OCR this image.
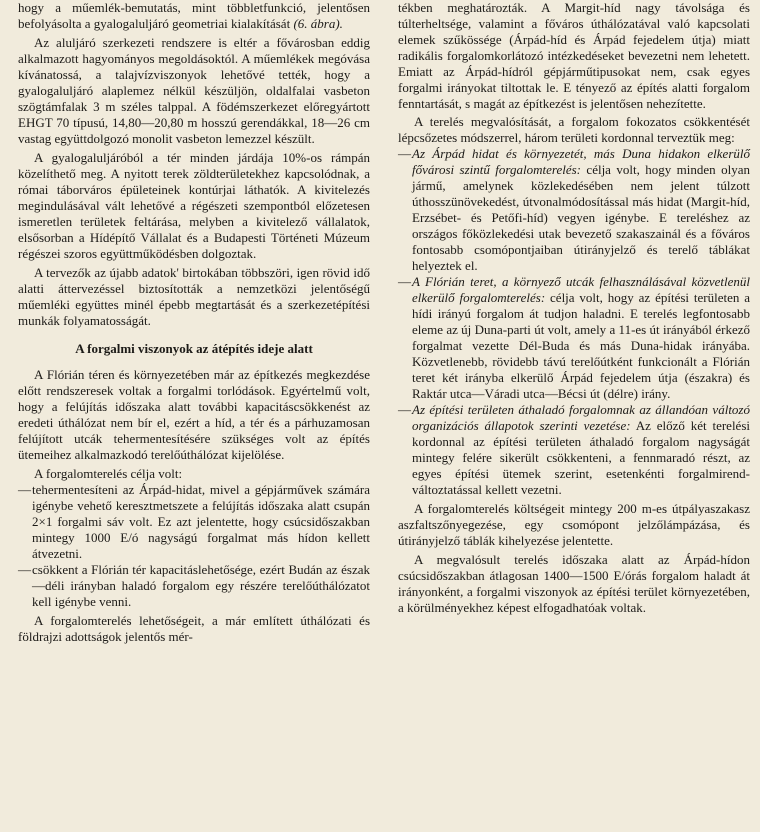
hogy a műemlék-bemutatás, mint többletfunkció, jelentősen befolyásolta a gyalogaluljáró geometriai kialakítását (6. ábra).

Az aluljáró szerkezeti rendszere is eltér a fővárosban eddig alkalmazott hagyományos megoldásoktól. A műemlékek megóvása kívánatossá, a talajvízviszonyok lehetővé tették, hogy a gyalogaluljáró alaplemez nélkül készüljön, oldalfalai vasbeton szögtámfalak 3 m széles talppal. A födémszerkezet előregyártott EHGT 70 típusú, 14,80—20,80 m hosszú gerendákkal, 18—26 cm vastag együttdolgozó monolit vasbeton lemezzel készült.

A gyalogaluljáróból a tér minden járdája 10%-os rámpán közelíthető meg. A nyitott terek zöldterületekhez kapcsolódnak, a római táborváros épületeinek kontúrjai láthatók. A kivitelezés megindulásával vált lehetővé a régészeti szempontból előzetesen ismeretlen területek feltárása, melyben a kivitelező vállalatok, elsősorban a Hídépítő Vállalat és a Budapesti Történeti Múzeum régészei szoros együttműködésben dolgoztak.

A tervezők az újabb adatok' birtokában többszöri, igen rövid idő alatti áttervezéssel biztosították a nemzetközi jelentőségű műemléki együttes minél épebb megtartását és a szerkezetépítési munkák folyamatosságát.

A forgalmi viszonyok az átépítés ideje alatt

A Flórián téren és környezetében már az építkezés megkezdése előtt rendszeresek voltak a forgalmi torlódások. Egyértelmű volt, hogy a felújítás időszaka alatt további kapacitáscsökkenést az eredeti úthálózat nem bír el, ezért a híd, a tér és a párhuzamosan felújított utcák tehermentesítésére szükséges volt az építés ütemeihez alkalmazkodó terelőúthálózat kijelölése.

A forgalomterelés célja volt:

— tehermentesíteni az Árpád-hidat, mivel a gépjárművek számára igénybe vehető keresztmetszete a felújítás időszaka alatt csupán 2×1 forgalmi sáv volt. Ez azt jelentette, hogy csúcsidőszakban mintegy 1000 E/ó nagyságú forgalmat más hídon kellett átvezetni.
— csökkent a Flórián tér kapacitáslehetősége, ezért Budán az észak—déli irányban haladó forgalom egy részére terelőúthálózatot kell igénybe venni.

A forgalomterelés lehetőségeit, a már említett úthálózati és földrajzi adottságok jelentős mér-

tékben meghatározták. A Margit-híd nagy távolsága és túlterheltsége, valamint a főváros úthálózatával való kapcsolati elemek szűkössége (Árpád-híd és Árpád fejedelem útja) miatt radikális forgalomkorlátozó intézkedéseket bevezetni nem lehetett. Emiatt az Árpád-hídról gépjárműtipusokat nem, csak egyes forgalmi irányokat tiltottak le. E tényező az építés alatti forgalom fenntartását, s magát az építkezést is jelentősen nehezítette.

A terelés megvalósítását, a forgalom fokozatos csökkentését lépcsőzetes módszerrel, három területi kordonnal terveztük meg:

— Az Árpád hidat és környezetét, más Duna hidakon elkerülő fővárosi szintű forgalomterelés: célja volt, hogy minden olyan jármű, amelynek közlekedésében nem jelent túlzott úthosszünövekedést, útvonalmódosítással más hidat (Margit-híd, Erzsébet- és Petőfi-híd) vegyen igénybe. E tereléshez az országos főközlekedési utak bevezető szakaszainál és a főváros fontosabb csomópontjaiban útirányjelző és terelő táblákat helyeztek el.
— A Flórián teret, a környező utcák felhasználásával közvetlenül elkerülő forgalomterelés: célja volt, hogy az építési területen a hídi irányú forgalom át tudjon haladni. E terelés legfontosabb eleme az új Duna-parti út volt, amely a 11-es út irányából érkező forgalmat vezette Dél-Buda és más Duna-hidak irányába. Közvetlenebb, rövidebb távú terelőútként funkcionált a Flórián teret két irányba elkerülő Árpád fejedelem útja (északra) és Raktár utca—Váradi utca—Bécsi út (délre) irány.
— Az építési területen áthaladó forgalomnak az állandóan változó organizációs állapotok szerinti vezetése: Az előző két terelési kordonnal az építési területen áthaladó forgalom nagyságát mintegy felére sikerült csökkenteni, a fennmaradó részt, az egyes építési ütemek szerint, esetenkénti forgalmirend-változtatással kellett vezetni.

A forgalomterelés költségeit mintegy 200 m-es útpályaszakasz aszfaltszőnyegezése, egy csomópont jelzőlámpázása, és útirányjelző táblák kihelyezése jelentette.

A megvalósult terelés időszaka alatt az Árpád-hídon csúcsidőszakban átlagosan 1400—1500 E/órás forgalom haladt át irányonként, a forgalmi viszonyok az építési terület környezetében, a körülményekhez képest elfogadhatóak voltak.
